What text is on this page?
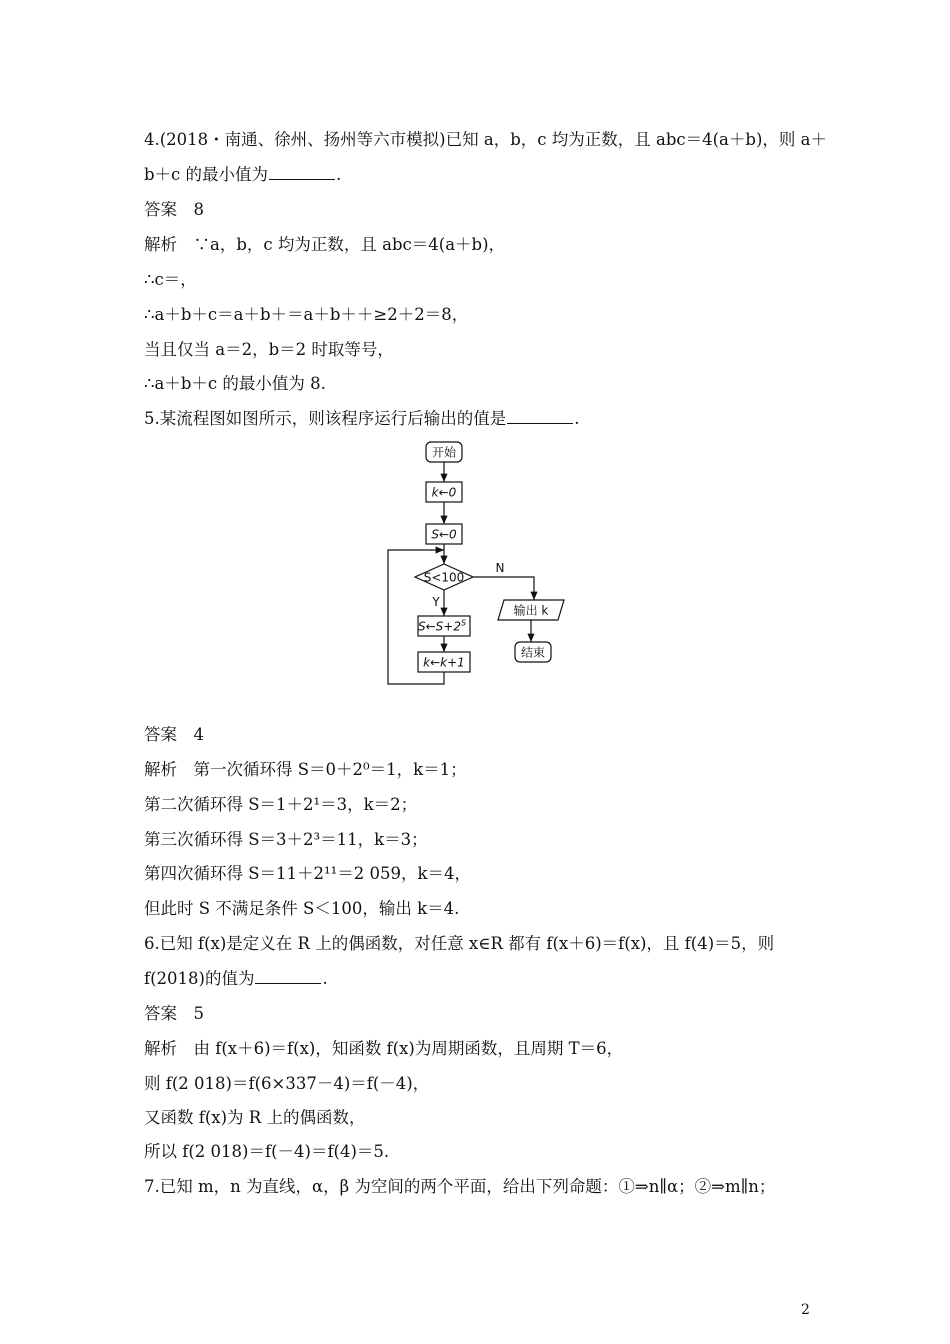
4.(2018・南通、徐州、扬州等六市模拟)已知 a，b，c 均为正数，且 abc＝4(a＋b)，则 a＋
b＋c 的最小值为	.
答案　8
解析　∵a，b，c 均为正数，且 abc＝4(a＋b)，
∴c＝，
∴a＋b＋c＝a＋b＋＝a＋b＋＋≥2＋2＝8，
当且仅当 a＝2，b＝2 时取等号，
∴a＋b＋c 的最小值为 8.
5.某流程图如图所示，则该程序运行后输出的值是	.
开始
k←0
S←0
S<100
N
Y
输出 k
结束
$S\leftarrow S+2^S$
k←k+1
答案　4
解析　第一次循环得 S＝0＋2⁰＝1，k＝1；
第二次循环得 S＝1＋2¹＝3，k＝2；
第三次循环得 S＝3＋2³＝11，k＝3；
第四次循环得 S＝11＋2¹¹＝2 059，k＝4，
但此时 S 不满足条件 S＜100，输出 k＝4.
6.已知 f(x)是定义在 R 上的偶函数，对任意 x∈R 都有 f(x＋6)＝f(x)，且 f(4)＝5，则
f(2018)的值为	.
答案　5
解析　由 f(x＋6)＝f(x)，知函数 f(x)为周期函数，且周期 T＝6，
则 f(2 018)＝f(6×337－4)＝f(－4)，
又函数 f(x)为 R 上的偶函数，
所以 f(2 018)＝f(－4)＝f(4)＝5.
7.已知 m，n 为直线，α，β 为空间的两个平面，给出下列命题：①⇒n∥α；②⇒m∥n；
2
